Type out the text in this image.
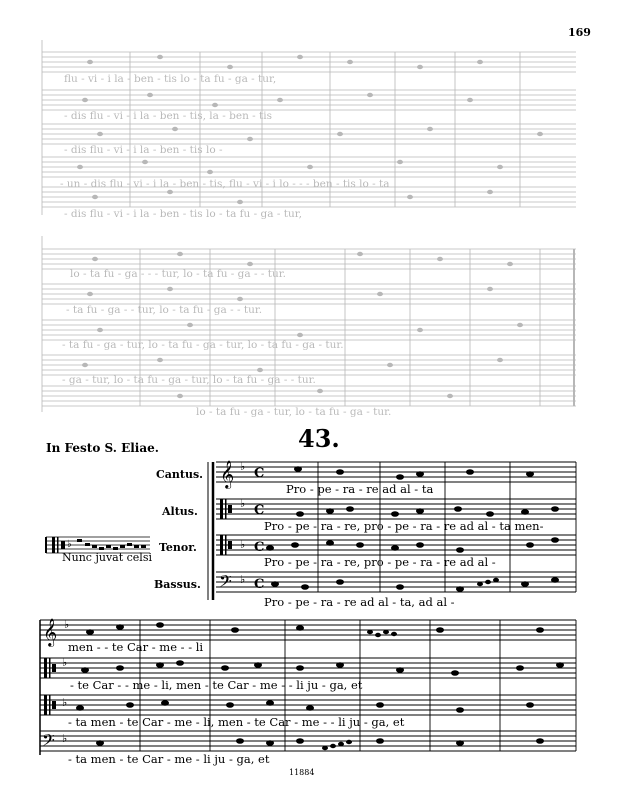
169
flu - vi - i la - ben - tis lo - ta fu - ga - tur,
- dis flu - vi - i la - ben - tis, la - ben - tis
- dis flu - vi - i la - ben - tis lo -
- un - dis flu - vi - i la - ben - tis, flu - vi - i lo - - - ben - tis lo - ta
- dis flu - vi - i la - ben - tis lo - ta fu - ga - tur,
lo - ta fu - ga - - - tur, lo - ta fu - ga - - tur.
- ta fu - ga - - tur, lo - ta fu - ga - - tur.
- ta fu - ga - tur, lo - ta fu - ga - tur, lo - ta fu - ga - tur.
- ga - tur, lo - ta fu - ga - tur, lo - ta fu - ga - - tur.
lo - ta fu - ga - tur, lo - ta fu - ga - tur.
43.
In Festo S. Eliae.
Cantus.
Altus.
Tenor.
Bassus.
♭
Nunc juvat celsi
𝄞 ♭ C
♭ C
♭ C
𝄢 ♭ C
Pro - pe - ra - re ad al - ta
Pro - pe - ra - re, pro - pe - ra - re ad al - ta men-
Pro - pe - ra - re, pro - pe - ra - re ad al -
Pro - pe - ra - re ad al - ta, ad al -
𝄞 ♭
♭
♭
𝄢 ♭
men - - te Car - me - - li
- te Car - - me - li, men - te Car - me - - li ju - ga, et
- ta men - te Car - me - li, men - te Car - me - - li ju - ga, et
- ta men - te Car - me - li ju - ga, et
11884
